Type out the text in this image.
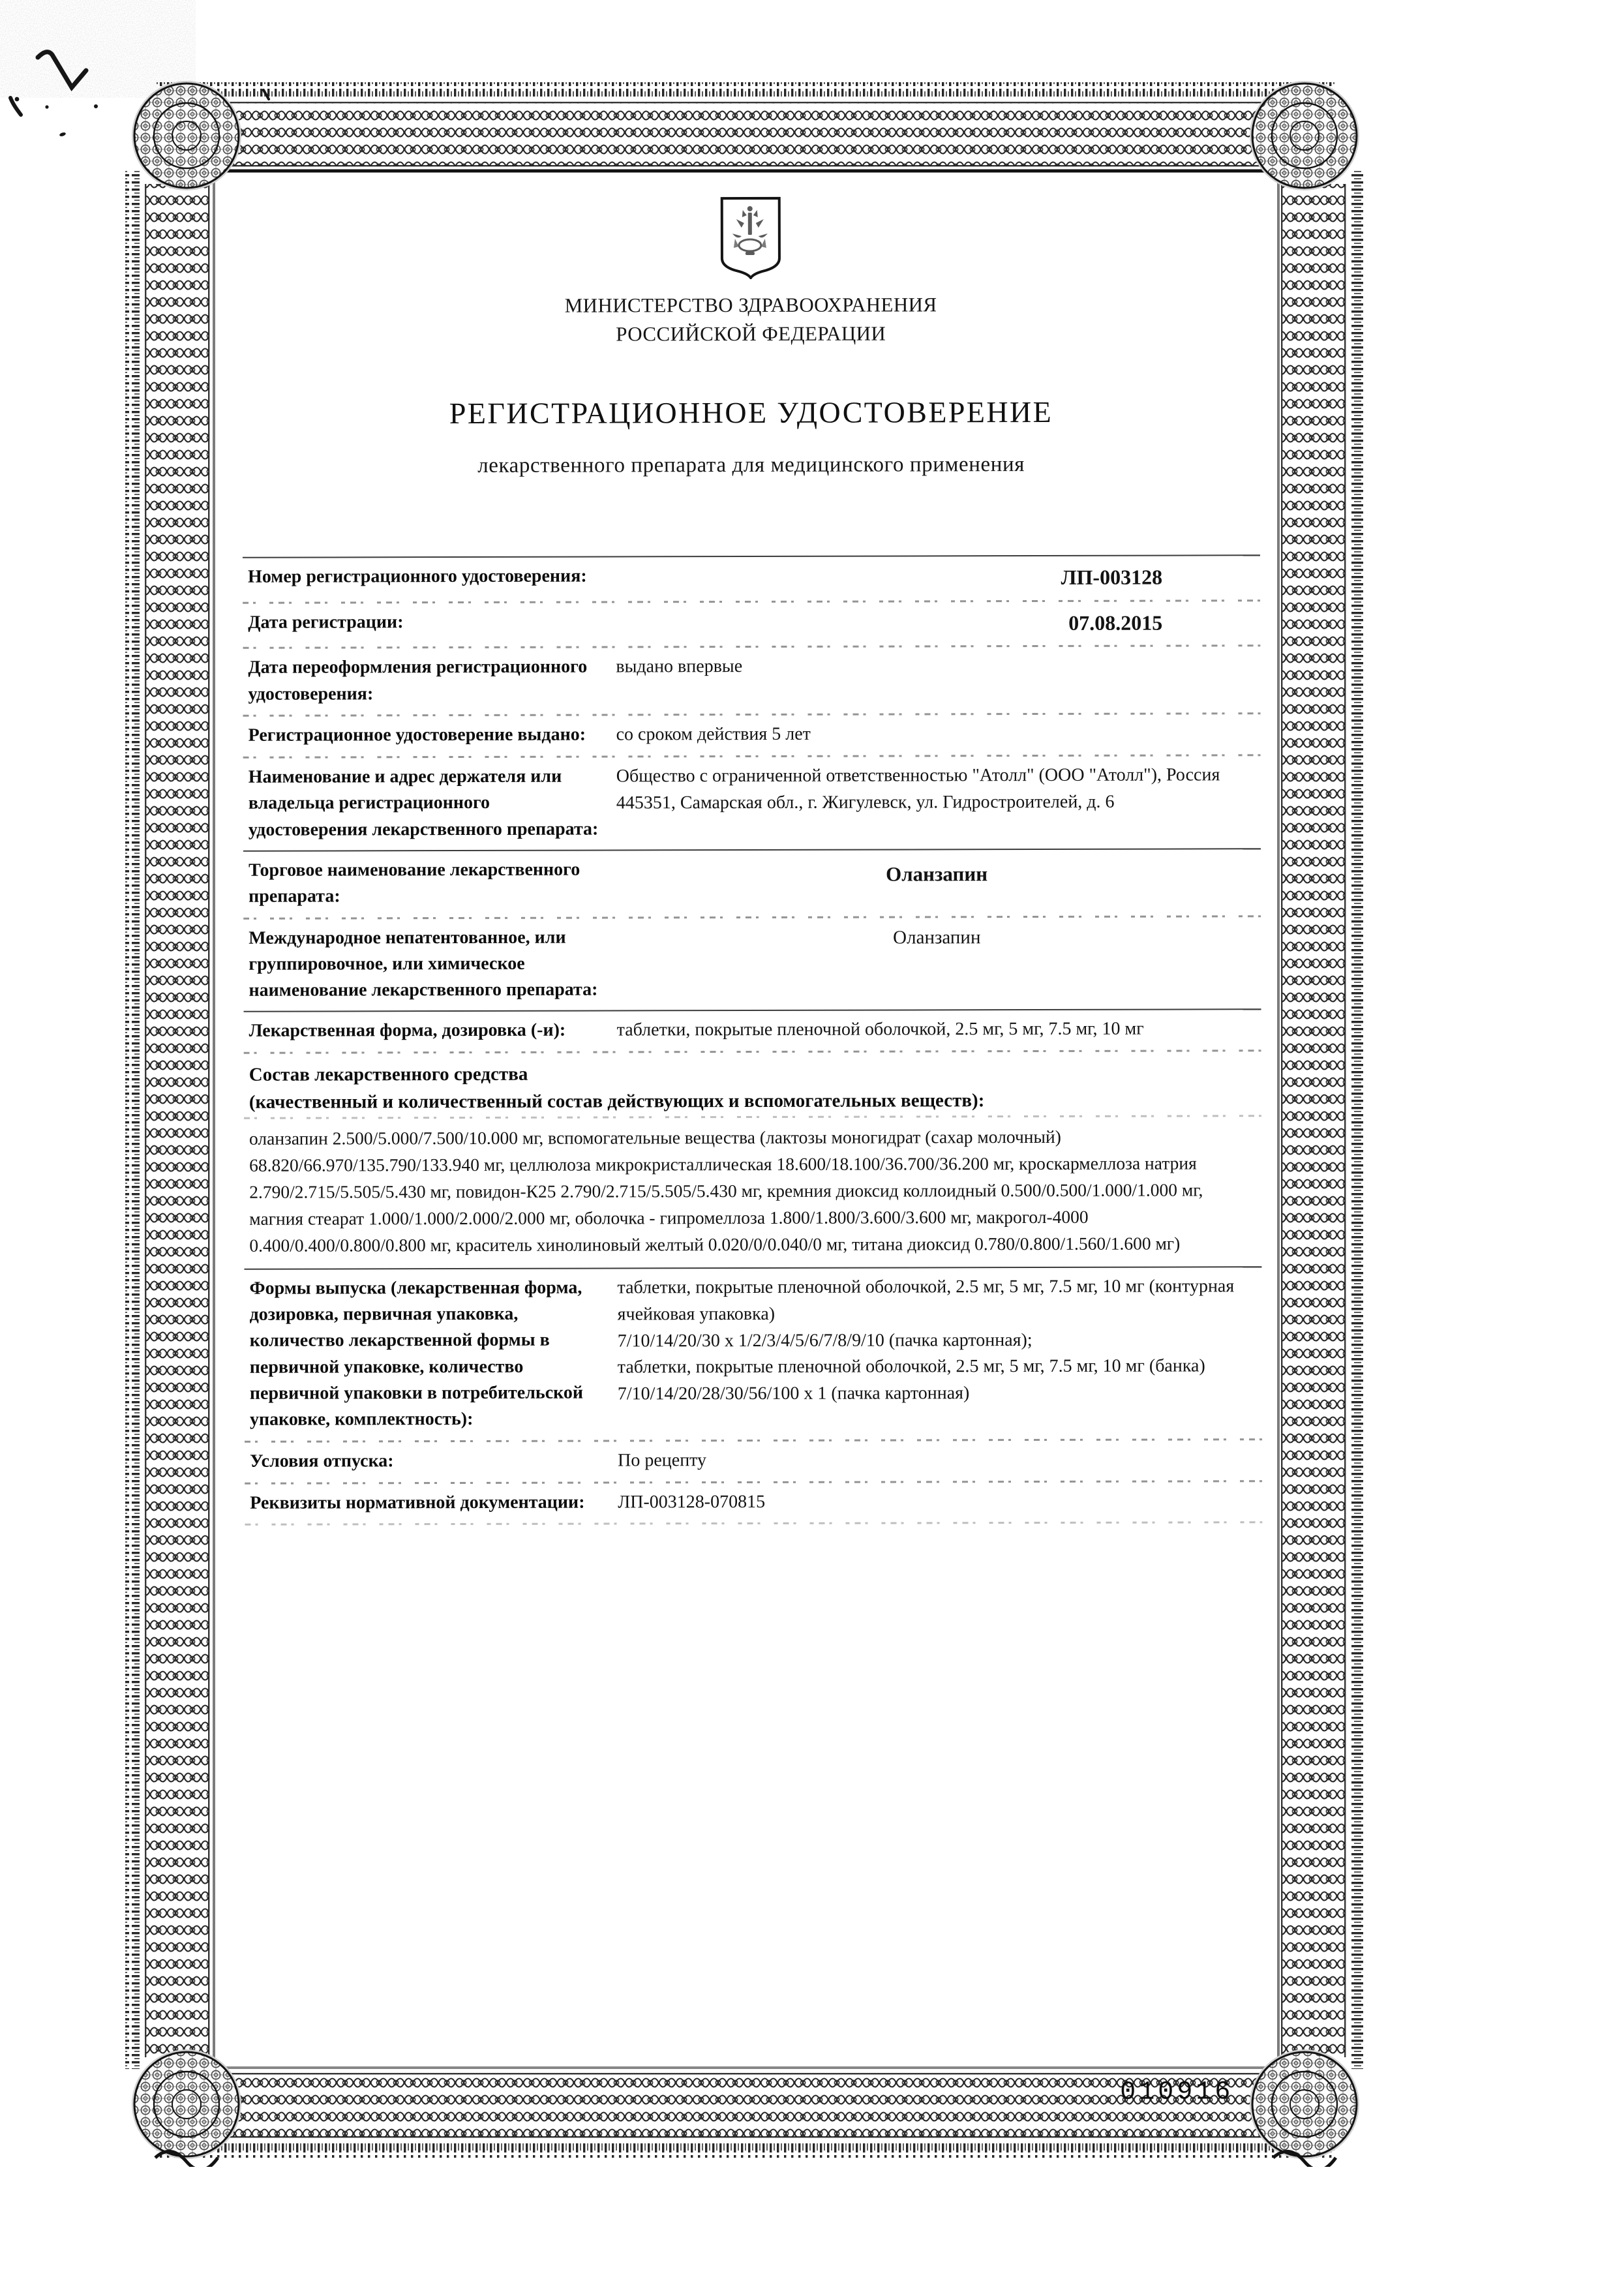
МИНИСТЕРСТВО ЗДРАВООХРАНЕНИЯ
РОССИЙСКОЙ ФЕДЕРАЦИИ
РЕГИСТРАЦИОННОЕ УДОСТОВЕРЕНИЕ
лекарственного препарата для медицинского применения
Номер регистрационного удостоверения:	ЛП-003128
Дата регистрации:	07.08.2015
Дата переоформления регистрационного удостоверения:
выдано впервые
Регистрационное удостоверение выдано:	со сроком действия 5 лет
Наименование и адрес держателя или владельца регистрационного удостоверения лекарственного препарата:
Общество с ограниченной ответственностью "Атолл" (ООО "Атолл"), Россия 445351, Самарская обл., г. Жигулевск, ул. Гидростроителей, д. 6
Торговое наименование лекарственного препарата:
Оланзапин
Международное непатентованное, или группировочное, или химическое наименование лекарственного препарата:
Оланзапин
Лекарственная форма, дозировка (-и):	таблетки, покрытые пленочной оболочкой, 2.5 мг, 5 мг, 7.5 мг, 10 мг
Состав лекарственного средства
(качественный и количественный состав действующих и вспомогательных веществ):
оланзапин 2.500/5.000/7.500/10.000 мг, вспомогательные вещества (лактозы моногидрат (сахар молочный) 68.820/66.970/135.790/133.940 мг, целлюлоза микрокристаллическая 18.600/18.100/36.700/36.200 мг, кроскармеллоза натрия 2.790/2.715/5.505/5.430 мг, повидон-К25 2.790/2.715/5.505/5.430 мг, кремния диоксид коллоидный 0.500/0.500/1.000/1.000 мг, магния стеарат 1.000/1.000/2.000/2.000 мг, оболочка - гипромеллоза 1.800/1.800/3.600/3.600 мг, макрогол-4000 0.400/0.400/0.800/0.800 мг, краситель хинолиновый желтый 0.020/0/0.040/0 мг, титана диоксид 0.780/0.800/1.560/1.600 мг)
Формы выпуска (лекарственная форма, дозировка, первичная упаковка, количество лекарственной формы в первичной упаковке, количество первичной упаковки в потребительской упаковке, комплектность):
таблетки, покрытые пленочной оболочкой, 2.5 мг, 5 мг, 7.5 мг, 10 мг (контурная ячейковая упаковка)
7/10/14/20/30 х 1/2/3/4/5/6/7/8/9/10 (пачка картонная);
таблетки, покрытые пленочной оболочкой, 2.5 мг, 5 мг, 7.5 мг, 10 мг (банка)
7/10/14/20/28/30/56/100 х 1 (пачка картонная)
Условия отпуска:	По рецепту
Реквизиты нормативной документации:	ЛП-003128-070815
010916
